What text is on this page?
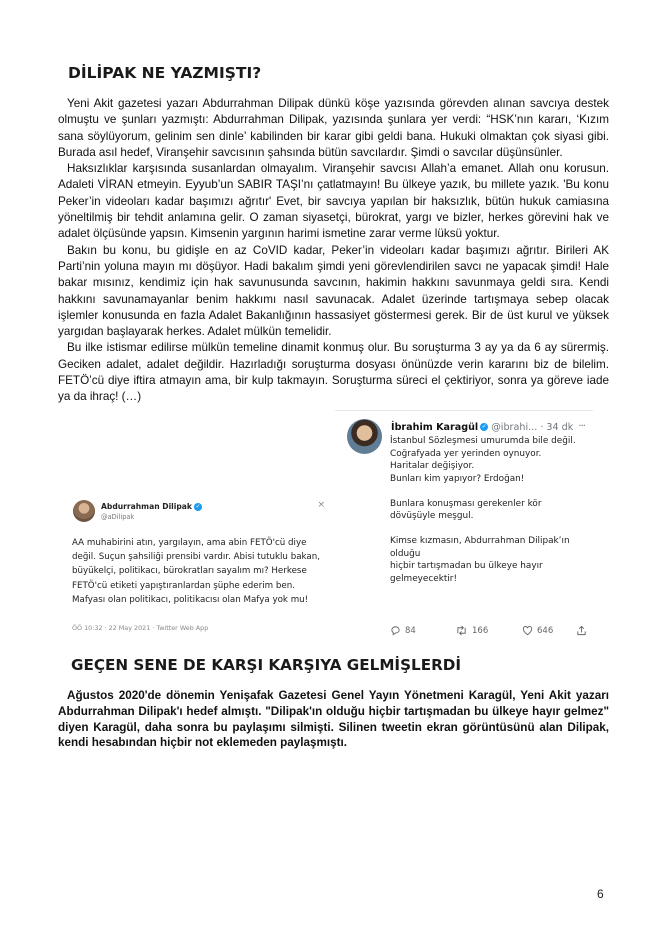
DİLİPAK NE YAZMIŞTI?

Yeni Akit gazetesi yazarı Abdurrahman Dilipak dünkü köşe yazısında görevden alınan savcıya destek olmuştu ve şunları yazmıştı: Abdurrahman Dilipak, yazısında şunlara yer verdi: “HSK’nın kararı, ‘Kızım sana söylüyorum, gelinim sen dinle’ kabilinden bir karar gibi geldi bana. Hukuki olmaktan çok siyasi gibi. Burada asıl hedef, Viranşehir savcısının şahsında bütün savcılardır. Şimdi o savcılar düşünsünler.

Haksızlıklar karşısında susanlardan olmayalım. Viranşehir savcısı Allah’a emanet. Allah onu korusun. Adaleti VİRAN etmeyin. Eyyub’un SABIR TAŞI’nı çatlatmayın! Bu ülkeye yazık, bu millete yazık. 'Bu konu Peker’in videoları kadar başımızı ağrıtır' Evet, bir savcıya yapılan bir haksızlık, bütün hukuk camiasına yöneltilmiş bir tehdit anlamına gelir. O zaman siyasetçi, bürokrat, yargı ve bizler, herkes görevini hak ve adalet ölçüsünde yapsın. Kimsenin yargının harimi ismetine zarar verme lüksü yoktur.

Bakın bu konu, bu gidişle en az CoVID kadar, Peker’in videoları kadar başımızı ağrıtır. Birileri AK Parti’nin yoluna mayın mı döşüyor. Hadi bakalım şimdi yeni görevlendirilen savcı ne yapacak şimdi! Hale bakar mısınız, kendimiz için hak savunusunda savcının, hakimin hakkını savunmaya geldi sıra. Kendi hakkını savunamayanlar benim hakkımı nasıl savunacak. Adalet üzerinde tartışmaya sebep olacak işlemler konusunda en fazla Adalet Bakanlığının hassasiyet göstermesi gerek. Bir de üst kurul ve yüksek yargıdan başlayarak herkes. Adalet mülkün temelidir.

Bu ilke istismar edilirse mülkün temeline dinamit konmuş olur. Bu soruşturma 3 ay ya da 6 ay sürermiş. Geciken adalet, adalet değildir. Hazırladığı soruşturma dosyası önünüzde verin kararını biz de bilelim. FETÖ’cü diye iftira atmayın ama, bir kulp takmayın. Soruşturma süreci el çektiriyor, sonra ya göreve iade ya da ihraç! (…)

İbrahim Karagül ✓ @ibrahi... · 34 dk ···
İstanbul Sözleşmesi umurumda bile değil.
Coğrafyada yer yerinden oynuyor.
Haritalar değişiyor.
Bunları kim yapıyor? Erdoğan!

Bunlara konuşması gerekenler kör dövüşüyle meşgul.

Kimse kızmasın, Abdurrahman Dilipak’ın olduğu
hiçbir tartışmadan bu ülkeye hayır gelmeyecektir!
84	166	646
Abdurrahman Dilipak ✓
@aDilipak
×
AA muhabirini atın, yargılayın, ama abin FETÖ'cü diye değil. Suçun şahsiliği prensibi vardır. Abisi tutuklu bakan, büyükelçi, politikacı, bürokratları sayalım mı? Herkese FETÖ'cü etiketi yapıştıranlardan şüphe ederim ben. Mafyası olan politikacı, politikacısı olan Mafya yok mu!
ÖÖ 10:32 · 22 May 2021 · Twitter Web App
GEÇEN SENE DE KARŞI KARŞIYA GELMİŞLERDİ

Ağustos 2020'de dönemin Yenişafak Gazetesi Genel Yayın Yönetmeni Karagül, Yeni Akit yazarı Abdurrahman Dilipak'ı hedef almıştı. "Dilipak'ın olduğu hiçbir tartışmadan bu ülkeye hayır gelmez" diyen Karagül, daha sonra bu paylaşımı silmişti. Silinen tweetin ekran görüntüsünü alan Dilipak, kendi hesabından hiçbir not eklemeden paylaşmıştı.

6
